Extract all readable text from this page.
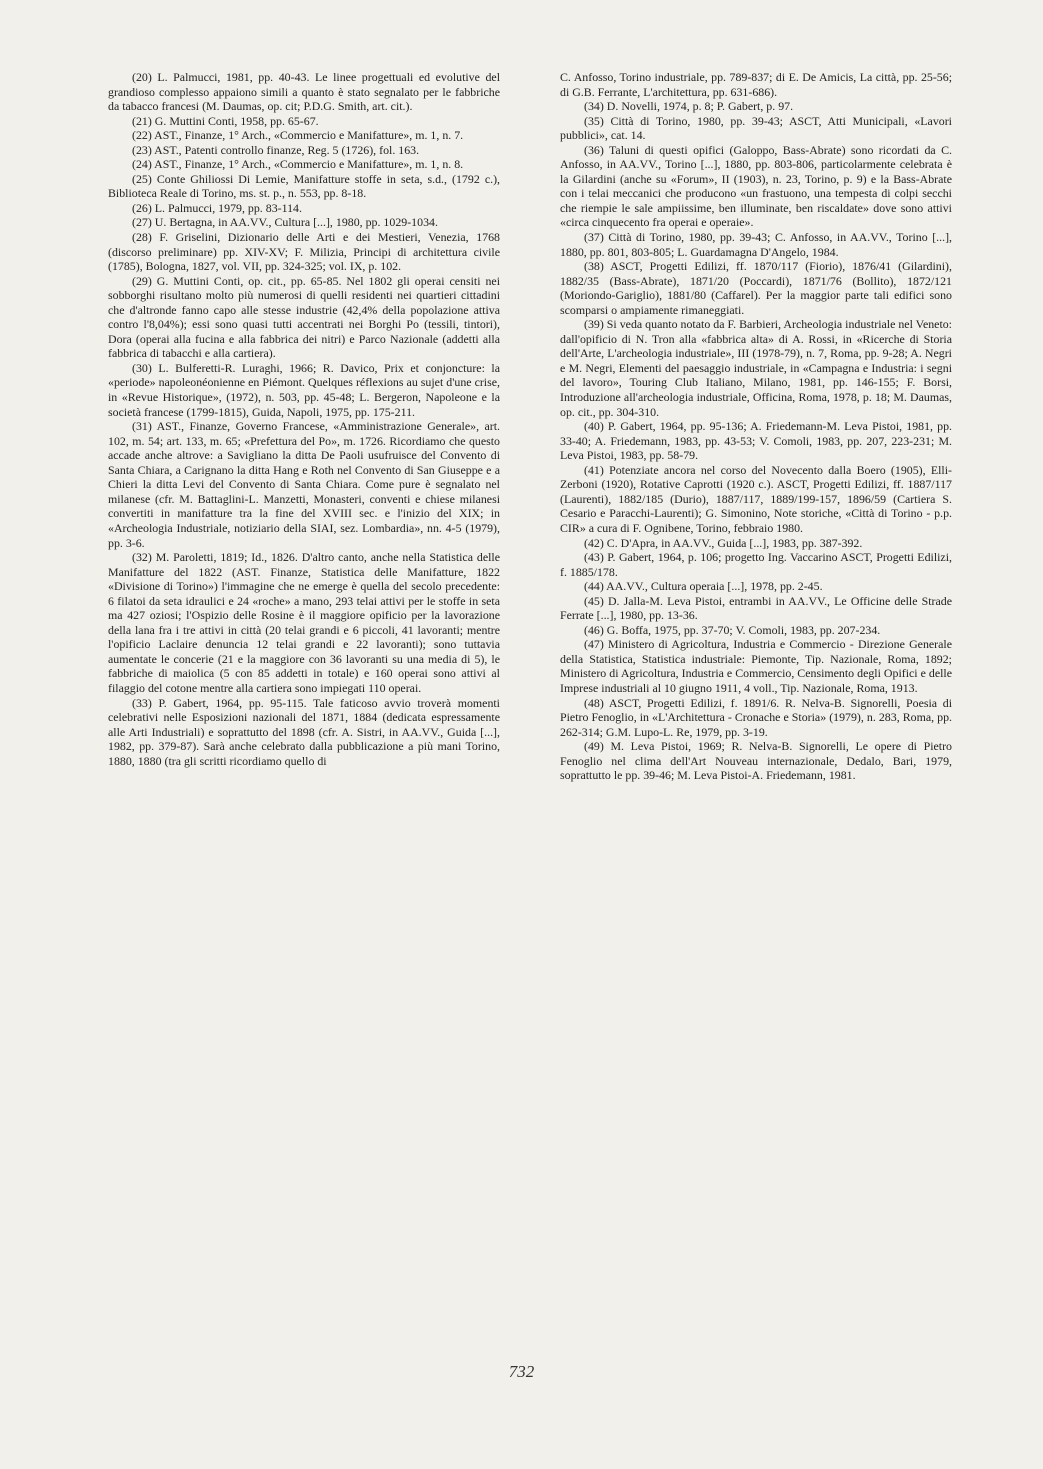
(20) L. Palmucci, 1981, pp. 40-43. Le linee progettuali ed evolutive del grandioso complesso appaiono simili a quanto è stato segnalato per le fabbriche da tabacco francesi (M. Daumas, op. cit; P.D.G. Smith, art. cit.).

(21) G. Muttini Conti, 1958, pp. 65-67.

(22) AST., Finanze, 1° Arch., «Commercio e Manifatture», m. 1, n. 7.

(23) AST., Patenti controllo finanze, Reg. 5 (1726), fol. 163.

(24) AST., Finanze, 1° Arch., «Commercio e Manifatture», m. 1, n. 8.

(25) Conte Ghiliossi Di Lemie, Manifatture stoffe in seta, s.d., (1792 c.), Biblioteca Reale di Torino, ms. st. p., n. 553, pp. 8-18.

(26) L. Palmucci, 1979, pp. 83-114.

(27) U. Bertagna, in AA.VV., Cultura [...], 1980, pp. 1029-1034.

(28) F. Griselini, Dizionario delle Arti e dei Mestieri, Venezia, 1768 (discorso preliminare) pp. XIV-XV; F. Milizia, Principi di architettura civile (1785), Bologna, 1827, vol. VII, pp. 324-325; vol. IX, p. 102.

(29) G. Muttini Conti, op. cit., pp. 65-85. Nel 1802 gli operai censiti nei sobborghi risultano molto più numerosi di quelli residenti nei quartieri cittadini che d'altronde fanno capo alle stesse industrie (42,4% della popolazione attiva contro l'8,04%); essi sono quasi tutti accentrati nei Borghi Po (tessili, tintori), Dora (operai alla fucina e alla fabbrica dei nitri) e Parco Nazionale (addetti alla fabbrica di tabacchi e alla cartiera).

(30) L. Bulferetti-R. Luraghi, 1966; R. Davico, Prix et conjoncture: la «periode» napoleonéonienne en Piémont. Quelques réflexions au sujet d'une crise, in «Revue Historique», (1972), n. 503, pp. 45-48; L. Bergeron, Napoleone e la società francese (1799-1815), Guida, Napoli, 1975, pp. 175-211.

(31) AST., Finanze, Governo Francese, «Amministrazione Generale», art. 102, m. 54; art. 133, m. 65; «Prefettura del Po», m. 1726. Ricordiamo che questo accade anche altrove: a Savigliano la ditta De Paoli usufruisce del Convento di Santa Chiara, a Carignano la ditta Hang e Roth nel Convento di San Giuseppe e a Chieri la ditta Levi del Convento di Santa Chiara. Come pure è segnalato nel milanese (cfr. M. Battaglini-L. Manzetti, Monasteri, conventi e chiese milanesi convertiti in manifatture tra la fine del XVIII sec. e l'inizio del XIX; in «Archeologia Industriale, notiziario della SIAI, sez. Lombardia», nn. 4-5 (1979), pp. 3-6.

(32) M. Paroletti, 1819; Id., 1826. D'altro canto, anche nella Statistica delle Manifatture del 1822 (AST. Finanze, Statistica delle Manifatture, 1822 «Divisione di Torino») l'immagine che ne emerge è quella del secolo precedente: 6 filatoi da seta idraulici e 24 «roche» a mano, 293 telai attivi per le stoffe in seta ma 427 oziosi; l'Ospizio delle Rosine è il maggiore opificio per la lavorazione della lana fra i tre attivi in città (20 telai grandi e 6 piccoli, 41 lavoranti; mentre l'opificio Laclaire denuncia 12 telai grandi e 22 lavoranti); sono tuttavia aumentate le concerie (21 e la maggiore con 36 lavoranti su una media di 5), le fabbriche di maiolica (5 con 85 addetti in totale) e 160 operai sono attivi al filaggio del cotone mentre alla cartiera sono impiegati 110 operai.

(33) P. Gabert, 1964, pp. 95-115. Tale faticoso avvio troverà momenti celebrativi nelle Esposizioni nazionali del 1871, 1884 (dedicata espressamente alle Arti Industriali) e soprattutto del 1898 (cfr. A. Sistri, in AA.VV., Guida [...], 1982, pp. 379-87). Sarà anche celebrato dalla pubblicazione a più mani Torino, 1880, 1880 (tra gli scritti ricordiamo quello di

C. Anfosso, Torino industriale, pp. 789-837; di E. De Amicis, La città, pp. 25-56; di G.B. Ferrante, L'architettura, pp. 631-686).

(34) D. Novelli, 1974, p. 8; P. Gabert, p. 97.

(35) Città di Torino, 1980, pp. 39-43; ASCT, Atti Municipali, «Lavori pubblici», cat. 14.

(36) Taluni di questi opifici (Galoppo, Bass-Abrate) sono ricordati da C. Anfosso, in AA.VV., Torino [...], 1880, pp. 803-806, particolarmente celebrata è la Gilardini (anche su «Forum», II (1903), n. 23, Torino, p. 9) e la Bass-Abrate con i telai meccanici che producono «un frastuono, una tempesta di colpi secchi che riempie le sale ampiissime, ben illuminate, ben riscaldate» dove sono attivi «circa cinquecento fra operai e operaie».

(37) Città di Torino, 1980, pp. 39-43; C. Anfosso, in AA.VV., Torino [...], 1880, pp. 801, 803-805; L. Guardamagna D'Angelo, 1984.

(38) ASCT, Progetti Edilizi, ff. 1870/117 (Fiorio), 1876/41 (Gilardini), 1882/35 (Bass-Abrate), 1871/20 (Poccardi), 1871/76 (Bollito), 1872/121 (Moriondo-Gariglio), 1881/80 (Caffarel). Per la maggior parte tali edifici sono scomparsi o ampiamente rimaneggiati.

(39) Si veda quanto notato da F. Barbieri, Archeologia industriale nel Veneto: dall'opificio di N. Tron alla «fabbrica alta» di A. Rossi, in «Ricerche di Storia dell'Arte, L'archeologia industriale», III (1978-79), n. 7, Roma, pp. 9-28; A. Negri e M. Negri, Elementi del paesaggio industriale, in «Campagna e Industria: i segni del lavoro», Touring Club Italiano, Milano, 1981, pp. 146-155; F. Borsi, Introduzione all'archeologia industriale, Officina, Roma, 1978, p. 18; M. Daumas, op. cit., pp. 304-310.

(40) P. Gabert, 1964, pp. 95-136; A. Friedemann-M. Leva Pistoi, 1981, pp. 33-40; A. Friedemann, 1983, pp. 43-53; V. Comoli, 1983, pp. 207, 223-231; M. Leva Pistoi, 1983, pp. 58-79.

(41) Potenziate ancora nel corso del Novecento dalla Boero (1905), Elli-Zerboni (1920), Rotative Caprotti (1920 c.). ASCT, Progetti Edilizi, ff. 1887/117 (Laurenti), 1882/185 (Durio), 1887/117, 1889/199-157, 1896/59 (Cartiera S. Cesario e Paracchi-Laurenti); G. Simonino, Note storiche, «Città di Torino - p.p. CIR» a cura di F. Ognibene, Torino, febbraio 1980.

(42) C. D'Apra, in AA.VV., Guida [...], 1983, pp. 387-392.

(43) P. Gabert, 1964, p. 106; progetto Ing. Vaccarino ASCT, Progetti Edilizi, f. 1885/178.

(44) AA.VV., Cultura operaia [...], 1978, pp. 2-45.

(45) D. Jalla-M. Leva Pistoi, entrambi in AA.VV., Le Officine delle Strade Ferrate [...], 1980, pp. 13-36.

(46) G. Boffa, 1975, pp. 37-70; V. Comoli, 1983, pp. 207-234.

(47) Ministero di Agricoltura, Industria e Commercio - Direzione Generale della Statistica, Statistica industriale: Piemonte, Tip. Nazionale, Roma, 1892; Ministero di Agricoltura, Industria e Commercio, Censimento degli Opifici e delle Imprese industriali al 10 giugno 1911, 4 voll., Tip. Nazionale, Roma, 1913.

(48) ASCT, Progetti Edilizi, f. 1891/6. R. Nelva-B. Signorelli, Poesia di Pietro Fenoglio, in «L'Architettura - Cronache e Storia» (1979), n. 283, Roma, pp. 262-314; G.M. Lupo-L. Re, 1979, pp. 3-19.

(49) M. Leva Pistoi, 1969; R. Nelva-B. Signorelli, Le opere di Pietro Fenoglio nel clima dell'Art Nouveau internazionale, Dedalo, Bari, 1979, soprattutto le pp. 39-46; M. Leva Pistoi-A. Friedemann, 1981.

732
